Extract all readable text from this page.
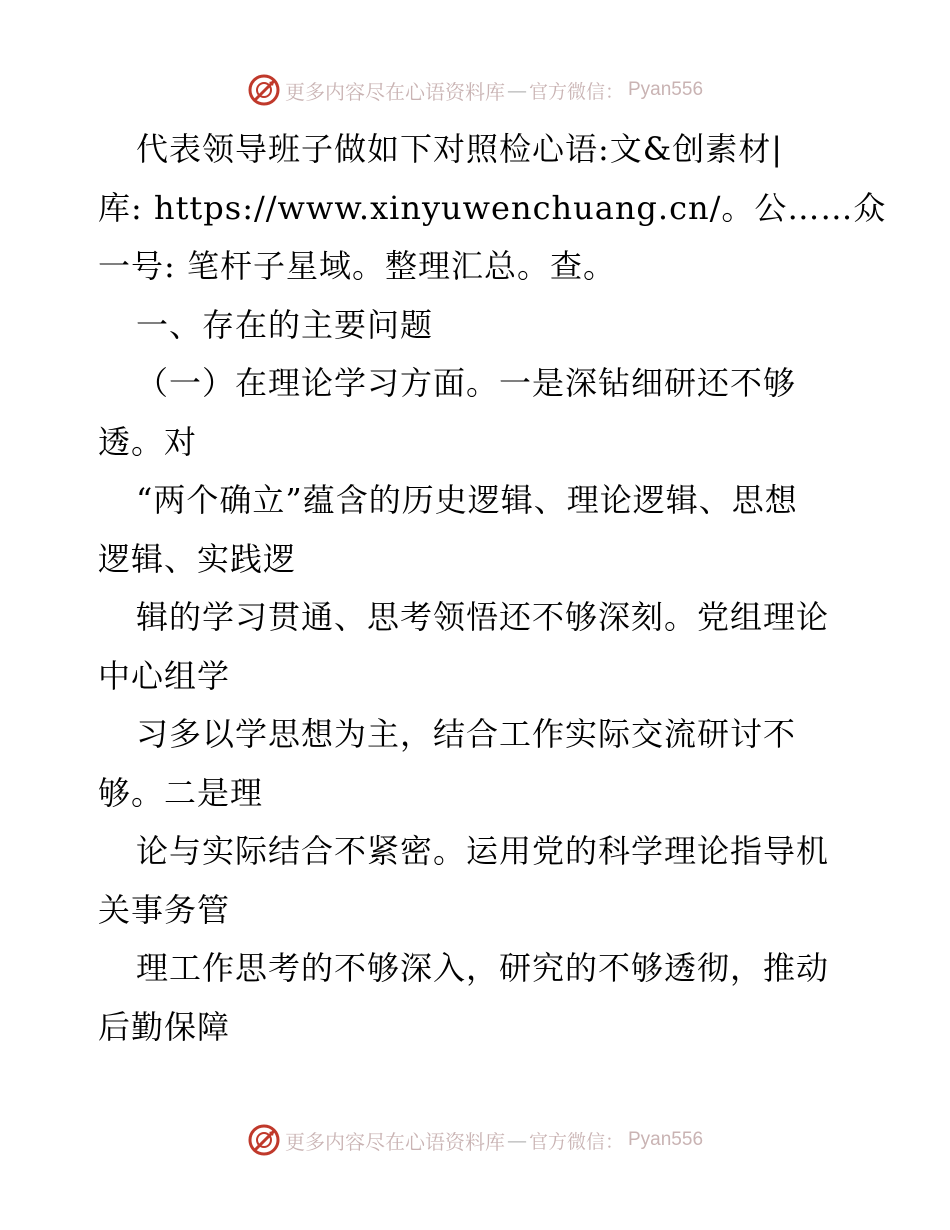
更多内容尽在心语资料库 — 官方微信： Pyan556
代表领导班子做如下对照检心语:文&创素材|
库: https://www.xinyuwenchuang.cn/。公……众
一号: 笔杆子星域。整理汇总。查。
一、存在的主要问题
（一）在理论学习方面。一是深钻细研还不够
透。对
“两个确立”蕴含的历史逻辑、理论逻辑、思想
逻辑、实践逻
辑的学习贯通、思考领悟还不够深刻。党组理论
中心组学
习多以学思想为主，结合工作实际交流研讨不
够。二是理
论与实际结合不紧密。运用党的科学理论指导机
关事务管
理工作思考的不够深入，研究的不够透彻，推动
后勤保障
更多内容尽在心语资料库 — 官方微信： Pyan556
